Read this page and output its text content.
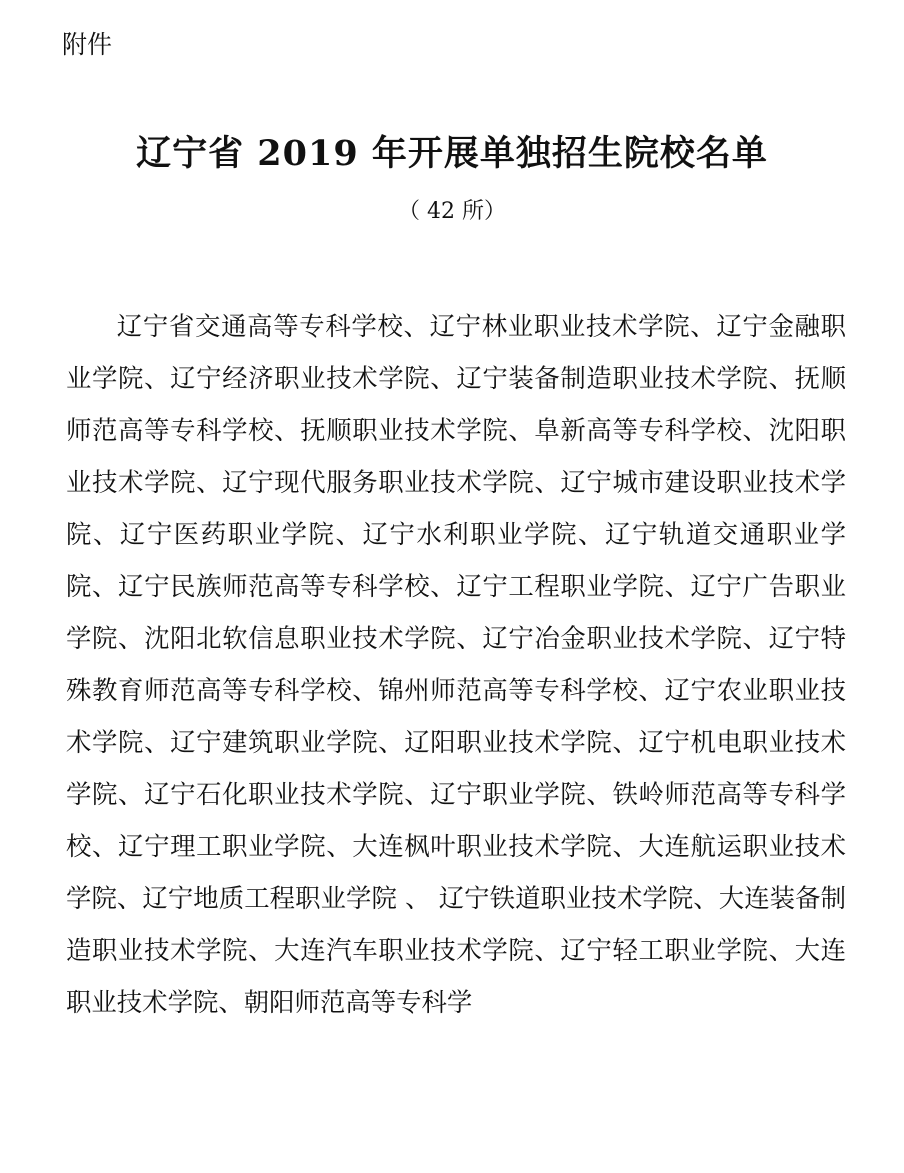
附件
辽宁省 2019 年开展单独招生院校名单
（ 42 所）

辽宁省交通高等专科学校、辽宁林业职业技术学院、辽宁金融职业学院、辽宁经济职业技术学院、辽宁装备制造职业技术学院、抚顺师范高等专科学校、抚顺职业技术学院、阜新高等专科学校、沈阳职业技术学院、辽宁现代服务职业技术学院、辽宁城市建设职业技术学院、辽宁医药职业学院、辽宁水利职业学院、辽宁轨道交通职业学院、辽宁民族师范高等专科学校、辽宁工程职业学院、辽宁广告职业学院、沈阳北软信息职业技术学院、辽宁冶金职业技术学院、辽宁特殊教育师范高等专科学校、锦州师范高等专科学校、辽宁农业职业技术学院、辽宁建筑职业学院、辽阳职业技术学院、辽宁机电职业技术学院、辽宁石化职业技术学院、辽宁职业学院、铁岭师范高等专科学校、辽宁理工职业学院、大连枫叶职业技术学院、大连航运职业技术学院、辽宁地质工程职业学院 、 辽宁铁道职业技术学院、大连装备制造职业技术学院、大连汽车职业技术学院、辽宁轻工职业学院、大连职业技术学院、朝阳师范高等专科学
